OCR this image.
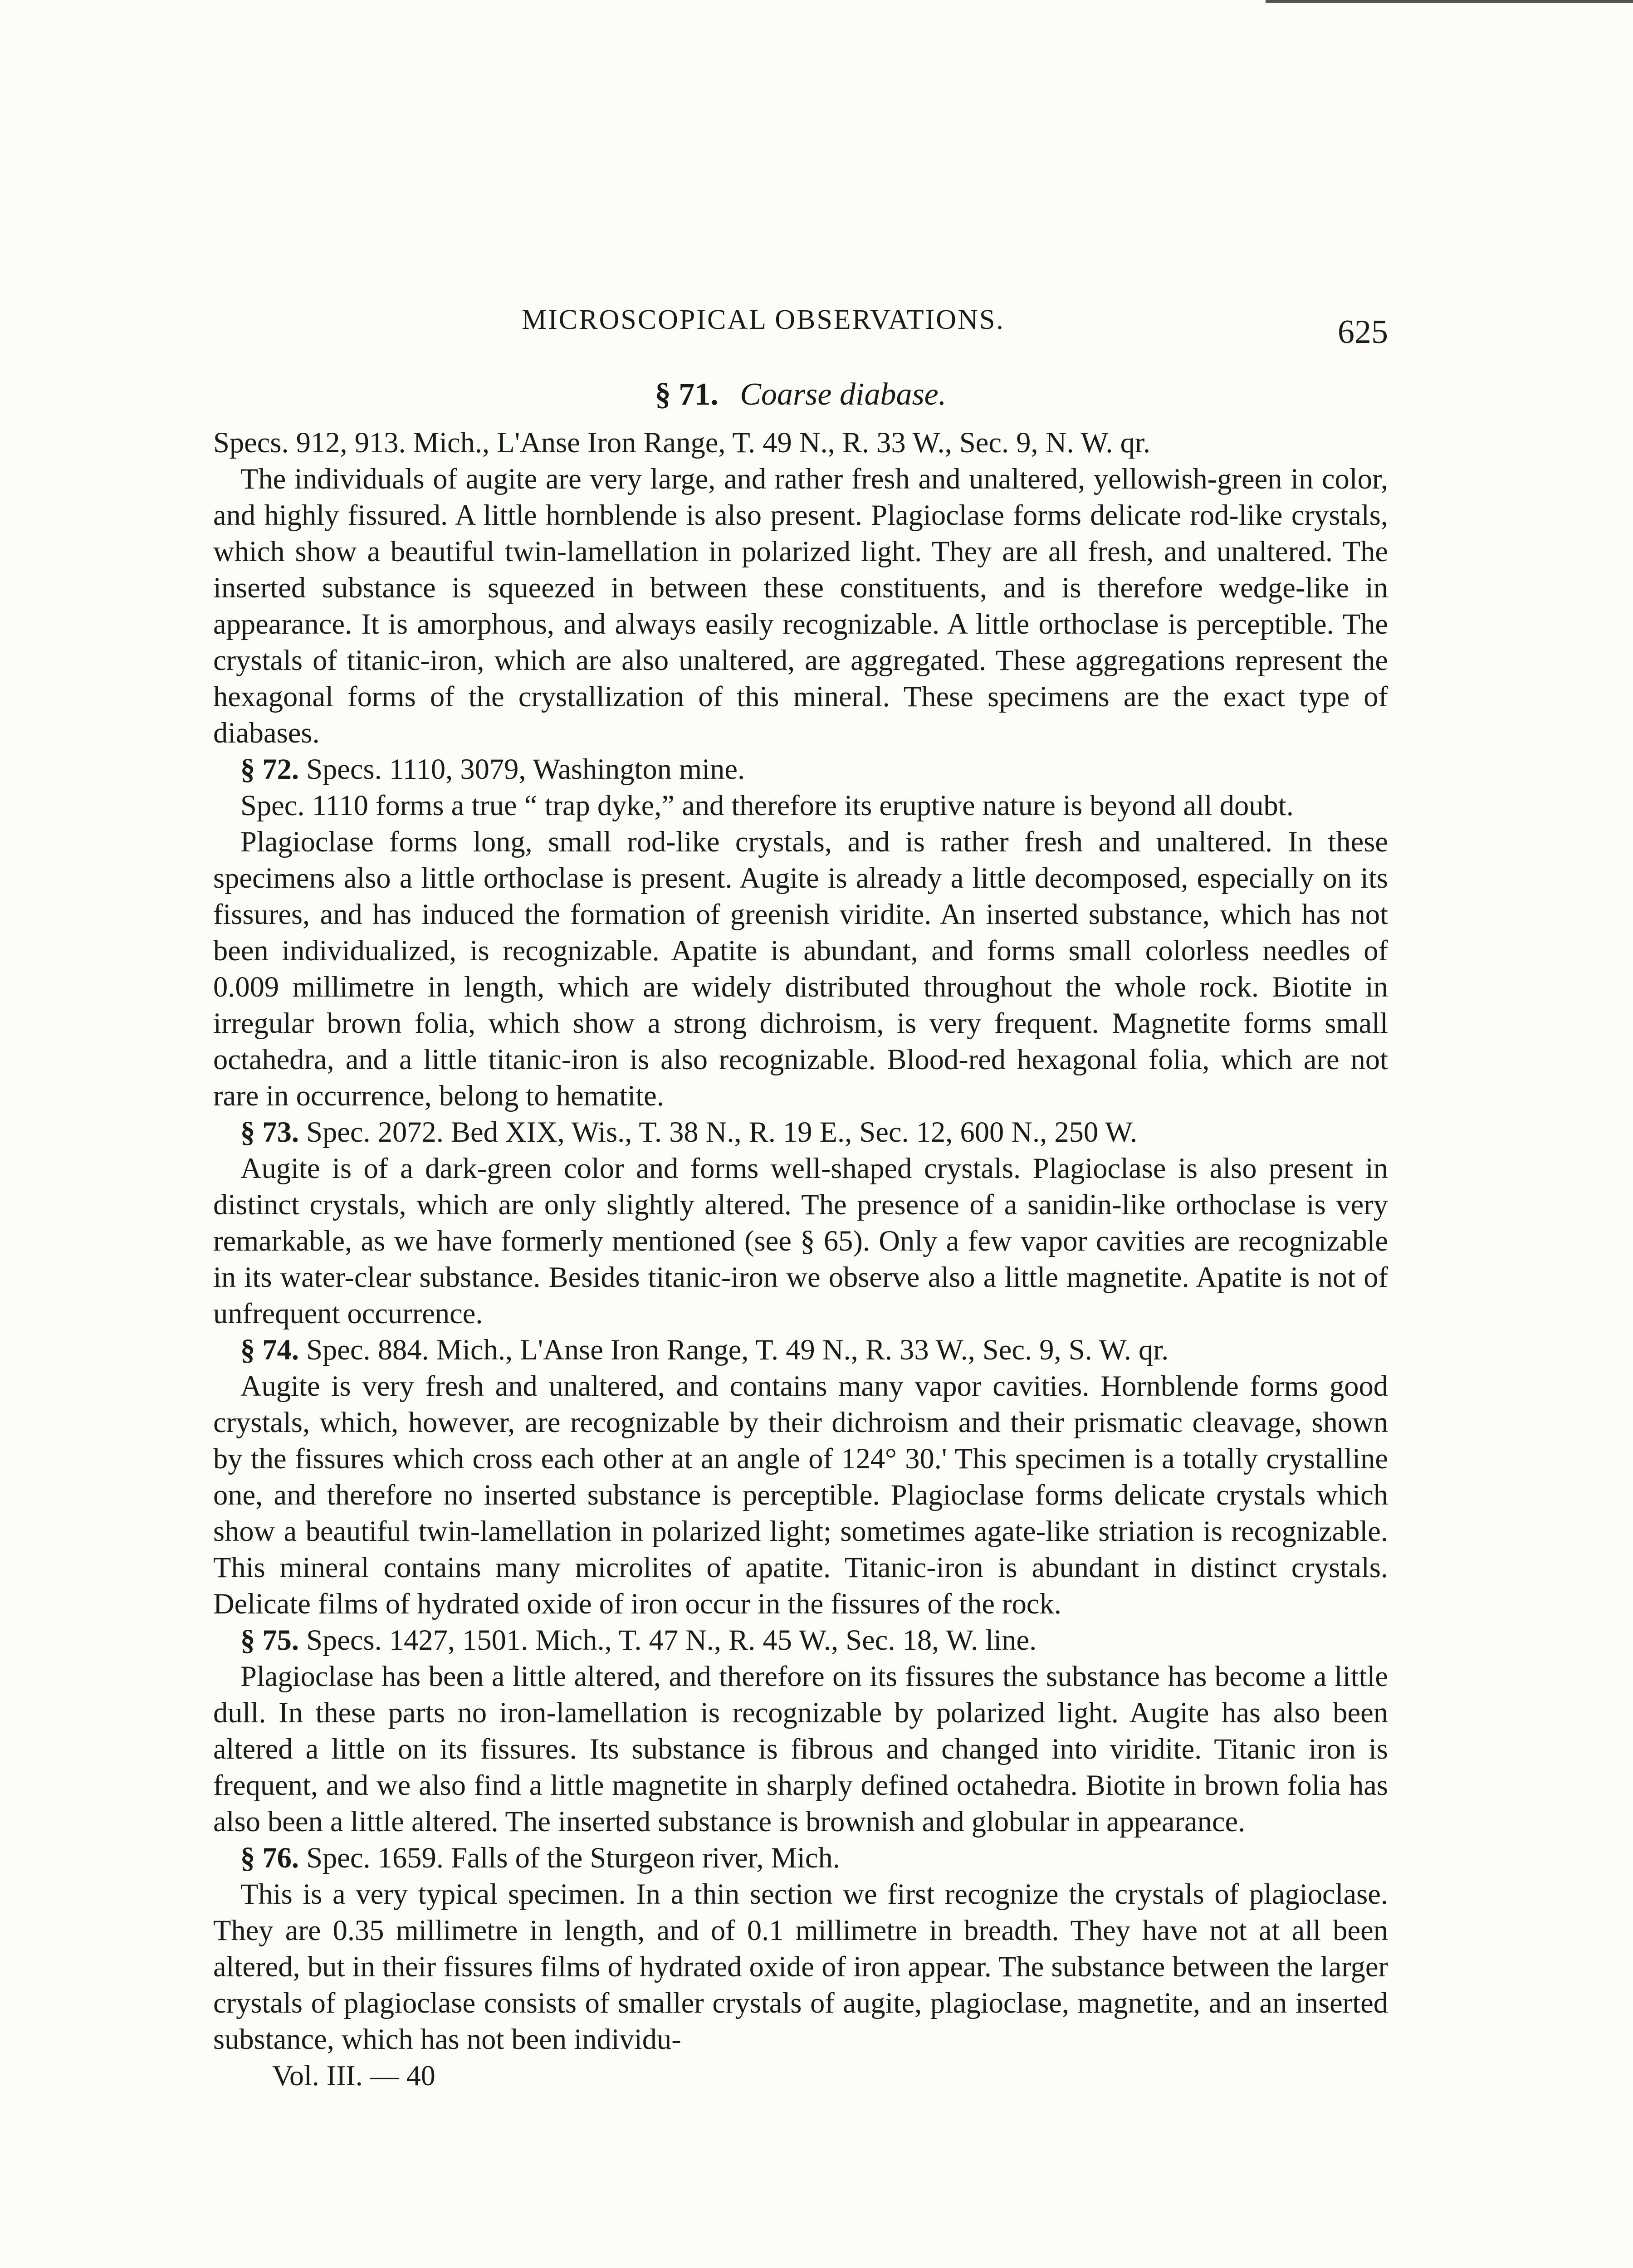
MICROSCOPICAL OBSERVATIONS.	625
§ 71. Coarse diabase.

Specs. 912, 913. Mich., L'Anse Iron Range, T. 49 N., R. 33 W., Sec. 9, N. W. qr.

The individuals of augite are very large, and rather fresh and unaltered, yellowish-green in color, and highly fissured. A little hornblende is also present. Plagioclase forms delicate rod-like crystals, which show a beautiful twin-lamellation in polarized light. They are all fresh, and unaltered. The inserted substance is squeezed in between these constituents, and is therefore wedge-like in appearance. It is amorphous, and always easily recognizable. A little orthoclase is perceptible. The crystals of titanic-iron, which are also unaltered, are aggregated. These aggregations represent the hexagonal forms of the crystallization of this mineral. These specimens are the exact type of diabases.

§ 72. Specs. 1110, 3079, Washington mine.

Spec. 1110 forms a true “ trap dyke,” and therefore its eruptive nature is beyond all doubt.

Plagioclase forms long, small rod-like crystals, and is rather fresh and unaltered. In these specimens also a little orthoclase is present. Augite is already a little decomposed, especially on its fissures, and has induced the formation of greenish viridite. An inserted substance, which has not been individualized, is recognizable. Apatite is abundant, and forms small colorless needles of 0.009 millimetre in length, which are widely distributed throughout the whole rock. Biotite in irregular brown folia, which show a strong dichroism, is very frequent. Magnetite forms small octahedra, and a little titanic-iron is also recognizable. Blood-red hexagonal folia, which are not rare in occurrence, belong to hematite.

§ 73. Spec. 2072. Bed XIX, Wis., T. 38 N., R. 19 E., Sec. 12, 600 N., 250 W.

Augite is of a dark-green color and forms well-shaped crystals. Plagioclase is also present in distinct crystals, which are only slightly altered. The presence of a sanidin-like orthoclase is very remarkable, as we have formerly mentioned (see § 65). Only a few vapor cavities are recognizable in its water-clear substance. Besides titanic-iron we observe also a little magnetite. Apatite is not of unfrequent occurrence.

§ 74. Spec. 884. Mich., L'Anse Iron Range, T. 49 N., R. 33 W., Sec. 9, S. W. qr.

Augite is very fresh and unaltered, and contains many vapor cavities. Hornblende forms good crystals, which, however, are recognizable by their dichroism and their prismatic cleavage, shown by the fissures which cross each other at an angle of 124° 30.' This specimen is a totally crystalline one, and therefore no inserted substance is perceptible. Plagioclase forms delicate crystals which show a beautiful twin-lamellation in polarized light; sometimes agate-like striation is recognizable. This mineral contains many microlites of apatite. Titanic-iron is abundant in distinct crystals. Delicate films of hydrated oxide of iron occur in the fissures of the rock.

§ 75. Specs. 1427, 1501. Mich., T. 47 N., R. 45 W., Sec. 18, W. line.

Plagioclase has been a little altered, and therefore on its fissures the substance has become a little dull. In these parts no iron-lamellation is recognizable by polarized light. Augite has also been altered a little on its fissures. Its substance is fibrous and changed into viridite. Titanic iron is frequent, and we also find a little magnetite in sharply defined octahedra. Biotite in brown folia has also been a little altered. The inserted substance is brownish and globular in appearance.

§ 76. Spec. 1659. Falls of the Sturgeon river, Mich.

This is a very typical specimen. In a thin section we first recognize the crystals of plagioclase. They are 0.35 millimetre in length, and of 0.1 millimetre in breadth. They have not at all been altered, but in their fissures films of hydrated oxide of iron appear. The substance between the larger crystals of plagioclase consists of smaller crystals of augite, plagioclase, magnetite, and an inserted substance, which has not been individu-

Vol. III. — 40
